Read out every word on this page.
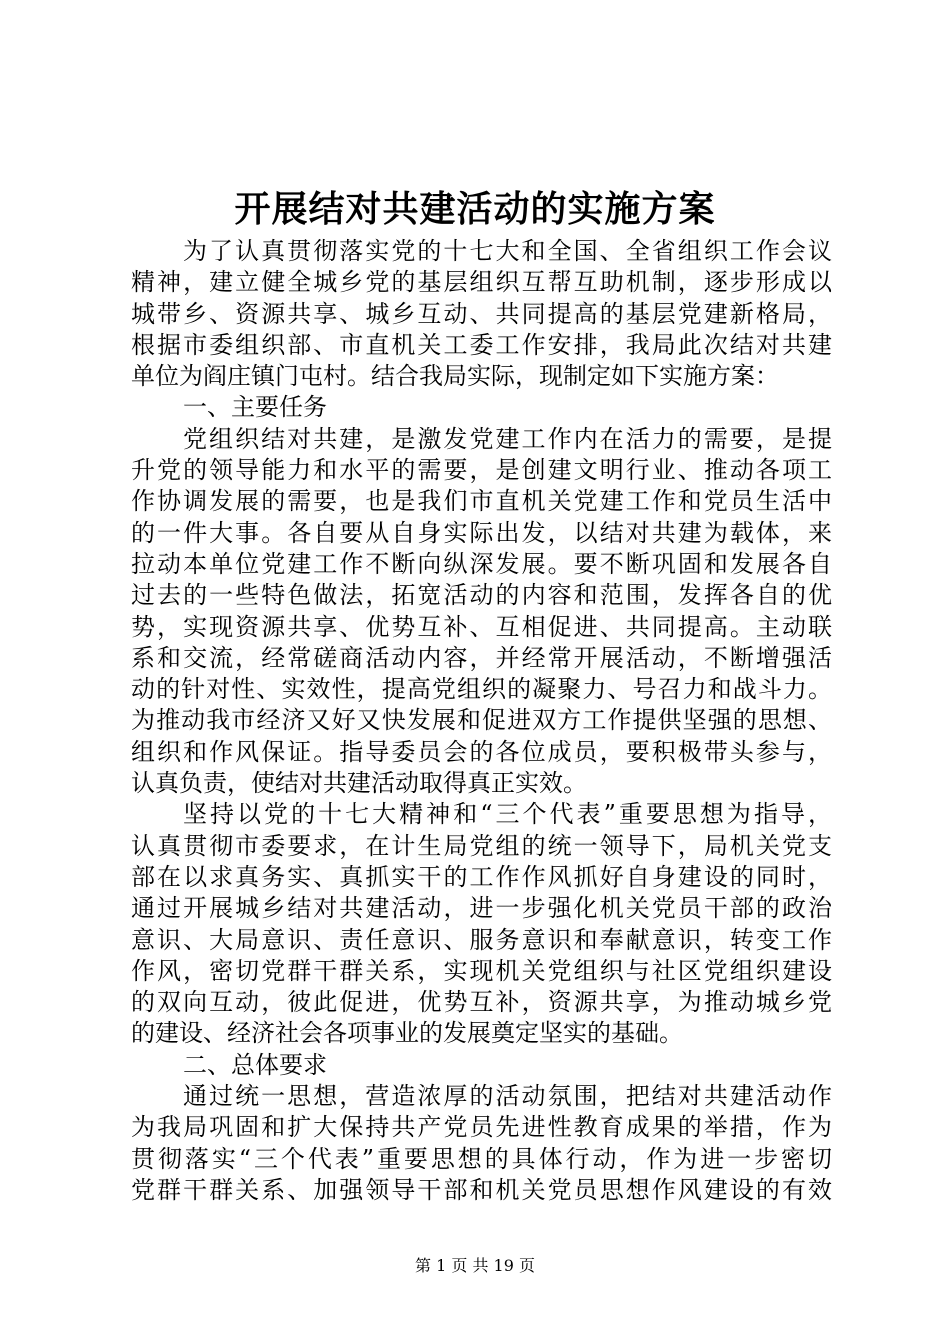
开展结对共建活动的实施方案
为了认真贯彻落实党的十七大和全国、全省组织工作会议
精神，建立健全城乡党的基层组织互帮互助机制，逐步形成以
城带乡、资源共享、城乡互动、共同提高的基层党建新格局，
根据市委组织部、市直机关工委工作安排，我局此次结对共建
单位为阎庄镇门屯村。结合我局实际，现制定如下实施方案：
一、主要任务
党组织结对共建，是激发党建工作内在活力的需要，是提
升党的领导能力和水平的需要，是创建文明行业、推动各项工
作协调发展的需要，也是我们市直机关党建工作和党员生活中
的一件大事。各自要从自身实际出发，以结对共建为载体，来
拉动本单位党建工作不断向纵深发展。要不断巩固和发展各自
过去的一些特色做法，拓宽活动的内容和范围，发挥各自的优
势，实现资源共享、优势互补、互相促进、共同提高。主动联
系和交流，经常磋商活动内容，并经常开展活动，不断增强活
动的针对性、实效性，提高党组织的凝聚力、号召力和战斗力。
为推动我市经济又好又快发展和促进双方工作提供坚强的思想、
组织和作风保证。指导委员会的各位成员，要积极带头参与，
认真负责，使结对共建活动取得真正实效。
坚持以党的十七大精神和“三个代表”重要思想为指导，
认真贯彻市委要求，在计生局党组的统一领导下，局机关党支
部在以求真务实、真抓实干的工作作风抓好自身建设的同时，
通过开展城乡结对共建活动，进一步强化机关党员干部的政治
意识、大局意识、责任意识、服务意识和奉献意识，转变工作
作风，密切党群干群关系，实现机关党组织与社区党组织建设
的双向互动，彼此促进，优势互补，资源共享，为推动城乡党
的建设、经济社会各项事业的发展奠定坚实的基础。
二、总体要求
通过统一思想，营造浓厚的活动氛围，把结对共建活动作
为我局巩固和扩大保持共产党员先进性教育成果的举措，作为
贯彻落实“三个代表”重要思想的具体行动，作为进一步密切
党群干群关系、加强领导干部和机关党员思想作风建设的有效
第 1 页 共 19 页
